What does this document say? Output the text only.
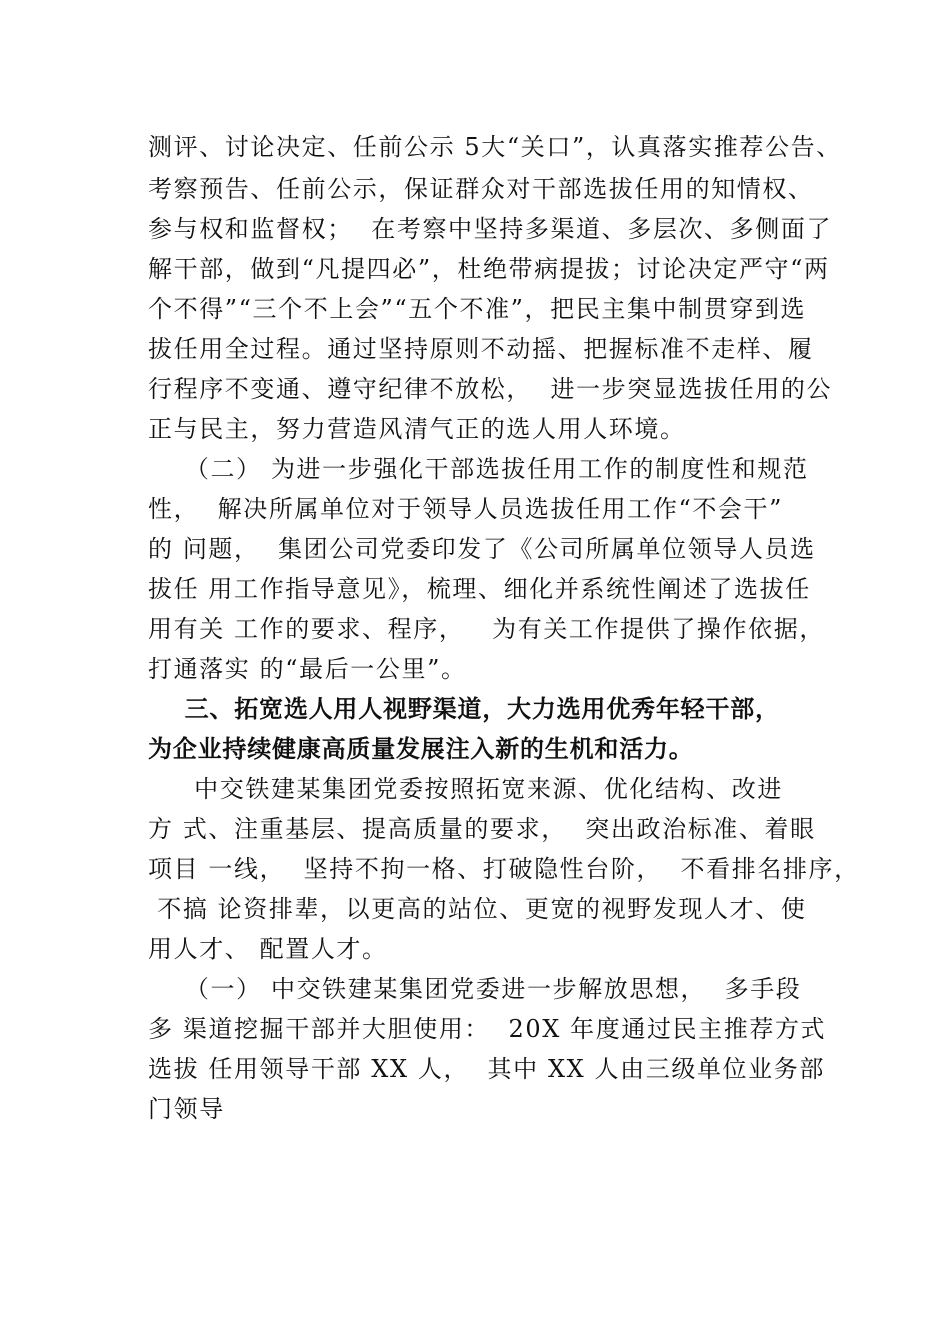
测评、讨论决定、任前公示 5大“关口”，认真落实推荐公告、
考察预告、任前公示，保证群众对干部选拔任用的知情权、
参与权和监督权；  在考察中坚持多渠道、多层次、多侧面了
解干部，做到“凡提四必”，杜绝带病提拔；讨论决定严守“两
个不得”“三个不上会”“五个不准”，把民主集中制贯穿到选
拔任用全过程。通过坚持原则不动摇、把握标准不走样、履
行程序不变通、遵守纪律不放松，  进一步突显选拔任用的公
正与民主，努力营造风清气正的选人用人环境。
（二） 为进一步强化干部选拔任用工作的制度性和规范
性，  解决所属单位对于领导人员选拔任用工作“不会干”
的 问题，  集团公司党委印发了《公司所属单位领导人员选
拔任 用工作指导意见》，梳理、细化并系统性阐述了选拔任
用有关 工作的要求、程序，   为有关工作提供了操作依据，
打通落实 的“最后一公里”。
三、拓宽选人用人视野渠道，大力选用优秀年轻干部，
为企业持续健康高质量发展注入新的生机和活力。
中交铁建某集团党委按照拓宽来源、优化结构、改进
方 式、注重基层、提高质量的要求，  突出政治标准、着眼
项目 一线，  坚持不拘一格、打破隐性台阶，  不看排名排序，
不搞 论资排辈，以更高的站位、更宽的视野发现人才、使
用人才、 配置人才。
（一） 中交铁建某集团党委进一步解放思想，  多手段
多 渠道挖掘干部并大胆使用：  20X 年度通过民主推荐方式
选拔 任用领导干部 XX 人，  其中 XX 人由三级单位业务部
门领导
